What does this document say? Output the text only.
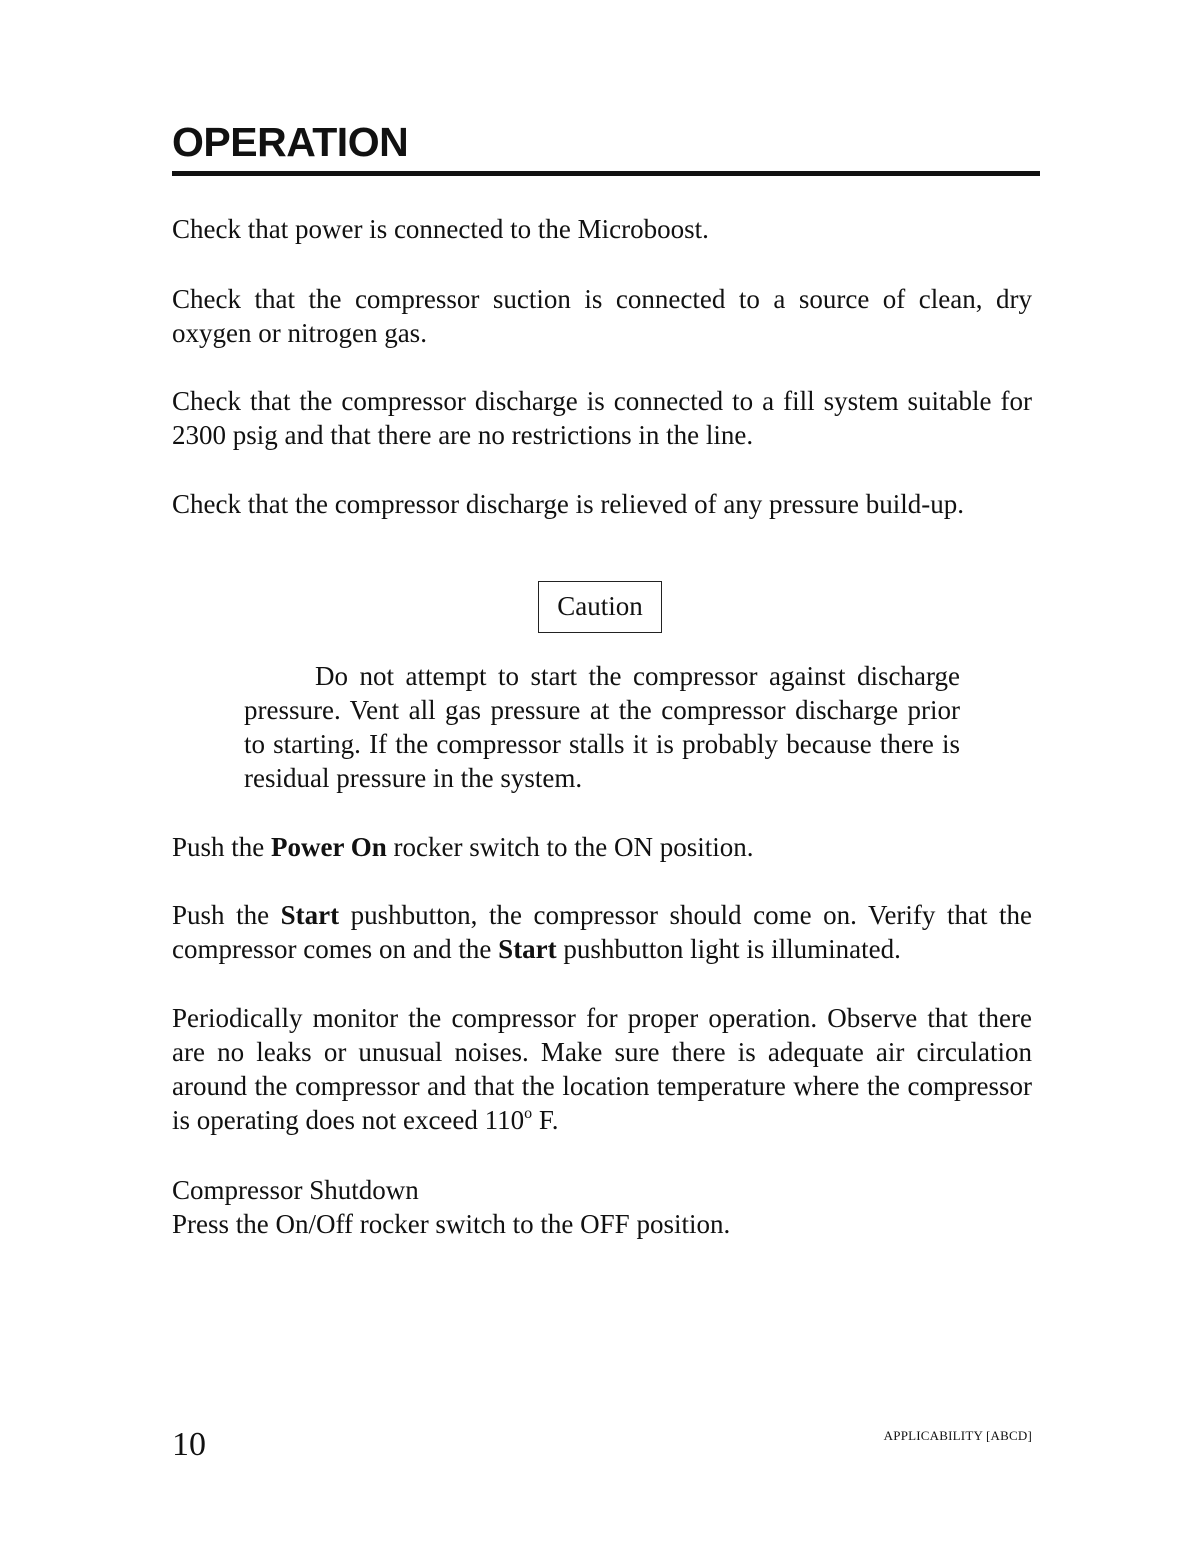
OPERATION

Check that power is connected to the Microboost.

Check that the compressor suction is connected to a source of clean, dry oxygen or nitrogen gas.

Check that the compressor discharge is connected to a fill system suitable for 2300 psig and that there are no restrictions in the line.

Check that the compressor discharge is relieved of any pressure build-up.

Caution

Do not attempt to start the compressor against discharge pressure. Vent all gas pressure at the compressor discharge prior to starting. If the compressor stalls it is probably because there is residual pressure in the system.

Push the Power On rocker switch to the ON position.

Push the Start pushbutton, the compressor should come on. Verify that the compressor comes on and the Start pushbutton light is illuminated.

Periodically monitor the compressor for proper operation. Observe that there are no leaks or unusual noises. Make sure there is adequate air circulation around the compressor and that the location temperature where the compressor is operating does not exceed 110$^o$ F.

Compressor Shutdown

Press the On/Off rocker switch to the OFF position.

10	APPLICABILITY [ABCD]
